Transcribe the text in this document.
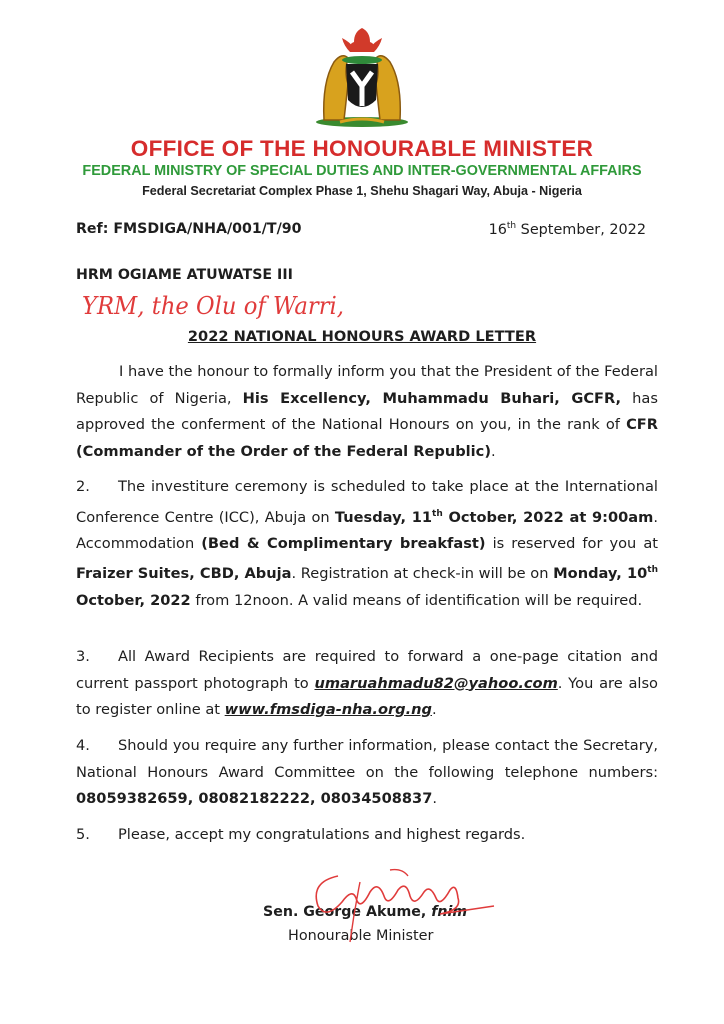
OFFICE OF THE HONOURABLE MINISTER
FEDERAL MINISTRY OF SPECIAL DUTIES AND INTER-GOVERNMENTAL AFFAIRS
Federal Secretariat Complex Phase 1, Shehu Shagari Way, Abuja - Nigeria
Ref: FMSDIGA/NHA/001/T/90	16th September, 2022
HRM OGIAME ATUWATSE III
YRM, the Olu of Warri,
2022 NATIONAL HONOURS AWARD LETTER
I have the honour to formally inform you that the President of the Federal Republic of Nigeria, His Excellency, Muhammadu Buhari, GCFR, has approved the conferment of the National Honours on you, in the rank of CFR (Commander of the Order of the Federal Republic).
2. The investiture ceremony is scheduled to take place at the International Conference Centre (ICC), Abuja on Tuesday, 11th October, 2022 at 9:00am. Accommodation (Bed & Complimentary breakfast) is reserved for you at Fraizer Suites, CBD, Abuja. Registration at check-in will be on Monday, 10th October, 2022 from 12noon. A valid means of identification will be required.
3. All Award Recipients are required to forward a one-page citation and current passport photograph to umaruahmadu82@yahoo.com. You are also to register online at www.fmsdiga-nha.org.ng.
4. Should you require any further information, please contact the Secretary, National Honours Award Committee on the following telephone numbers: 08059382659, 08082182222, 08034508837.
5. Please, accept my congratulations and highest regards.
Sen. George Akume, fnim
Honourable Minister
